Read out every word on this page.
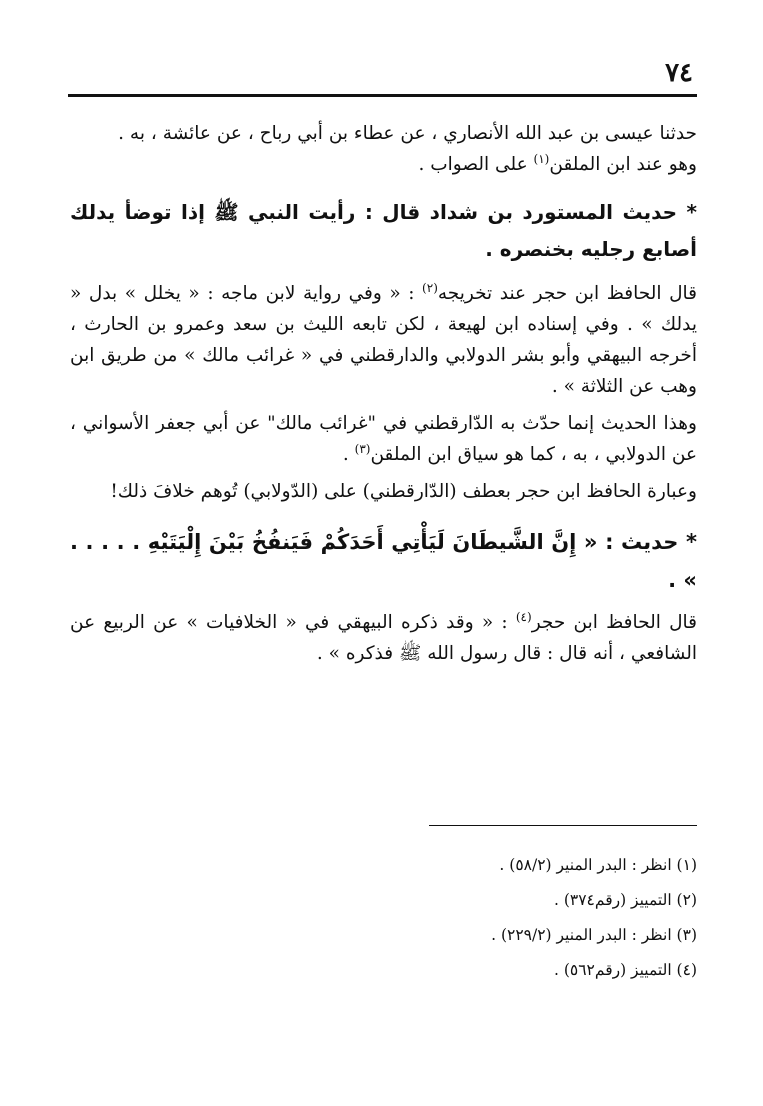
٧٤

حدثنا عيسى بن عبد الله الأنصاري ، عن عطاء بن أبي رباح ، عن عائشة ، به .

وهو عند ابن الملقن$^{(١)}$ على الصواب .

* حديث المستورد بن شداد قال : رأيت النبي ﷺ إذا توضأ يدلك أصابع رجليه بخنصره .

قال الحافظ ابن حجر عند تخريجه$^{(٢)}$ : « وفي رواية لابن ماجه : « يخلل » بدل « يدلك » . وفي إسناده ابن لهيعة ، لكن تابعه الليث بن سعد وعمرو بن الحارث ، أخرجه البيهقي وأبو بشر الدولابي والدارقطني في « غرائب مالك » من طريق ابن وهب عن الثلاثة » .

وهذا الحديث إنما حدّث به الدّارقطني في "غرائب مالك" عن أبي جعفر الأسواني ، عن الدولابي ، به ، كما هو سياق ابن الملقن$^{(٣)}$ .

وعبارة الحافظ ابن حجر بعطف (الدّارقطني) على (الدّولابي) تُوهم خلافَ ذلك!

* حديث : « إِنَّ الشَّيطَانَ لَيَأْتِي أَحَدَكُمْ فَيَنفُخُ بَيْنَ إِلْيَتَيْهِ . . . . . » .

قال الحافظ ابن حجر$^{(٤)}$ : « وقد ذكره البيهقي في « الخلافيات » عن الربيع عن الشافعي ، أنه قال : قال رسول الله ﷺ فذكره » .

(١) انظر : البدر المنير (٥٨/٢) .
(٢) التمييز (رقم٣٧٤) .
(٣) انظر : البدر المنير (٢٢٩/٢) .
(٤) التمييز (رقم٥٦٢) .
